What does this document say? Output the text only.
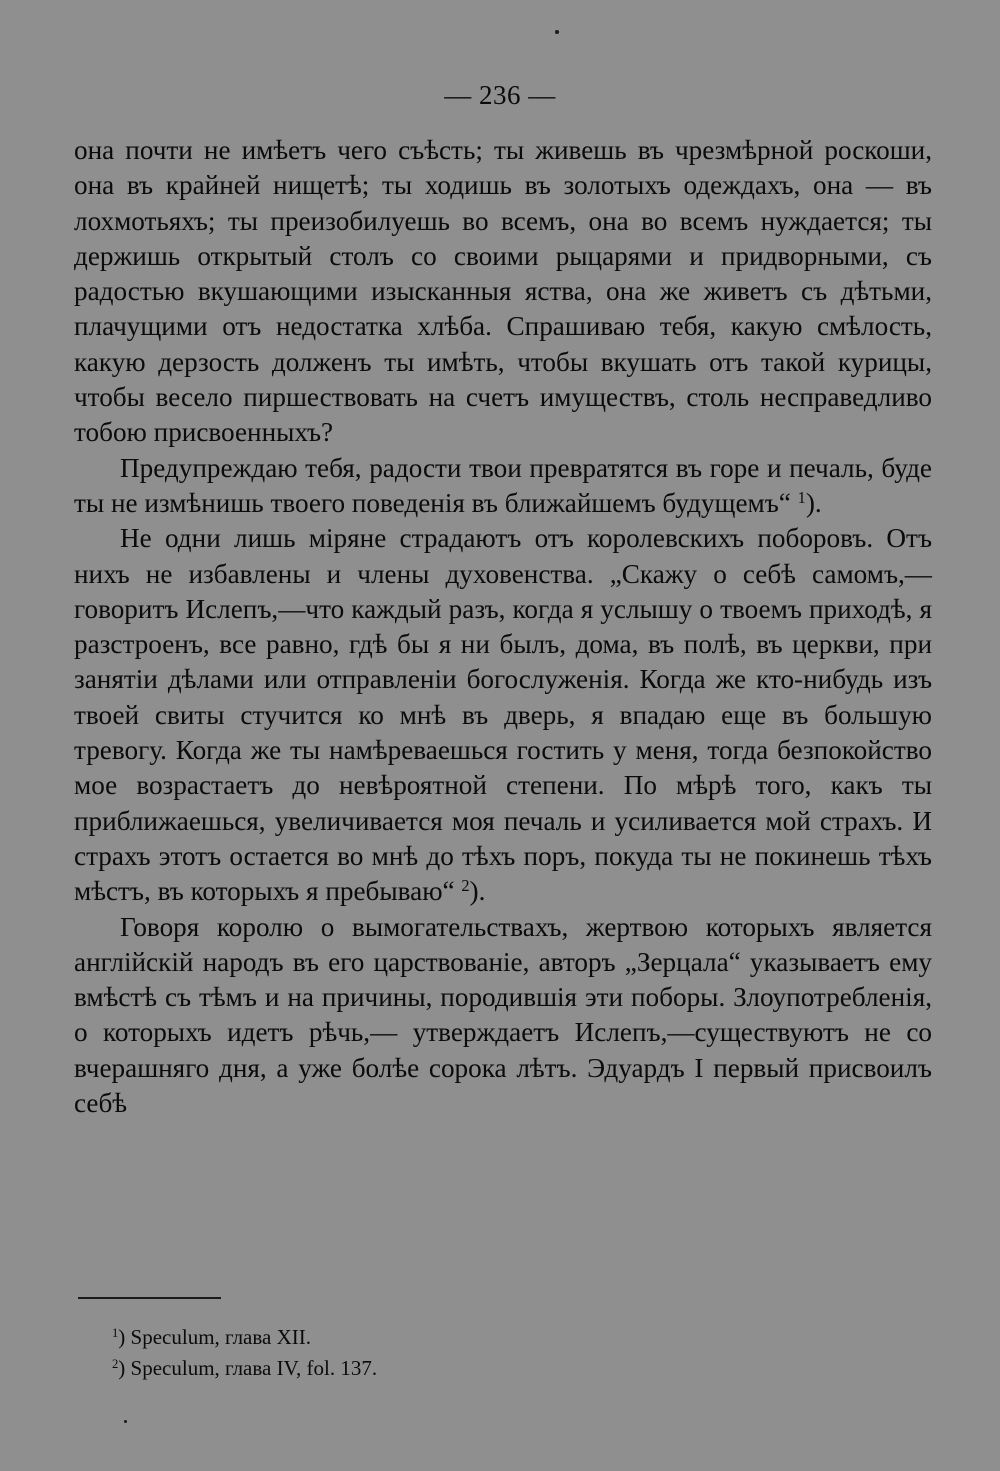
— 236 —

она почти не имѣетъ чего съѣсть; ты живешь въ чрезмѣрной роскоши, она въ крайней нищетѣ; ты ходишь въ золотыхъ одеждахъ, она — въ лохмотьяхъ; ты преизобилуешь во всемъ, она во всемъ нуждается; ты держишь открытый столъ со своими рыцарями и придворными, съ радостью вкушающими изысканныя яства, она же живетъ съ дѣтьми, плачущими отъ недостатка хлѣба. Спрашиваю тебя, какую смѣлость, какую дерзость долженъ ты имѣть, чтобы вкушать отъ такой курицы, чтобы весело пиршествовать на счетъ имуществъ, столь несправедливо тобою присвоенныхъ?

Предупреждаю тебя, радости твои превратятся въ горе и печаль, буде ты не измѣнишь твоего поведенія въ ближайшемъ будущемъ“ $^1$).

Не одни лишь міряне страдаютъ отъ королевскихъ поборовъ. Отъ нихъ не избавлены и члены духовенства. „Скажу о себѣ самомъ,—говоритъ Ислепъ,—что каждый разъ, когда я услышу о твоемъ приходѣ, я разстроенъ, все равно, гдѣ бы я ни былъ, дома, въ полѣ, въ церкви, при занятіи дѣлами или отправленіи богослуженія. Когда же кто-нибудь изъ твоей свиты стучится ко мнѣ въ дверь, я впадаю еще въ большую тревогу. Когда же ты намѣреваешься гостить у меня, тогда безпокойство мое возрастаетъ до невѣроятной степени. По мѣрѣ того, какъ ты приближаешься, увеличивается моя печаль и усиливается мой страхъ. И страхъ этотъ остается во мнѣ до тѣхъ поръ, покуда ты не покинешь тѣхъ мѣстъ, въ которыхъ я пребываю“ $^2$).

Говоря королю о вымогательствахъ, жертвою которыхъ является англійскій народъ въ его царствованіе, авторъ „Зерцала“ указываетъ ему вмѣстѣ съ тѣмъ и на причины, породившія эти поборы. Злоупотребленія, о которыхъ идетъ рѣчь,— утверждаетъ Ислепъ,—существуютъ не со вчерашняго дня, а уже болѣе сорока лѣтъ. Эдуардъ I первый присвоилъ себѣ

$^1$) Speculum, глава XII.
$^2$) Speculum, глава IV, fol. 137.
